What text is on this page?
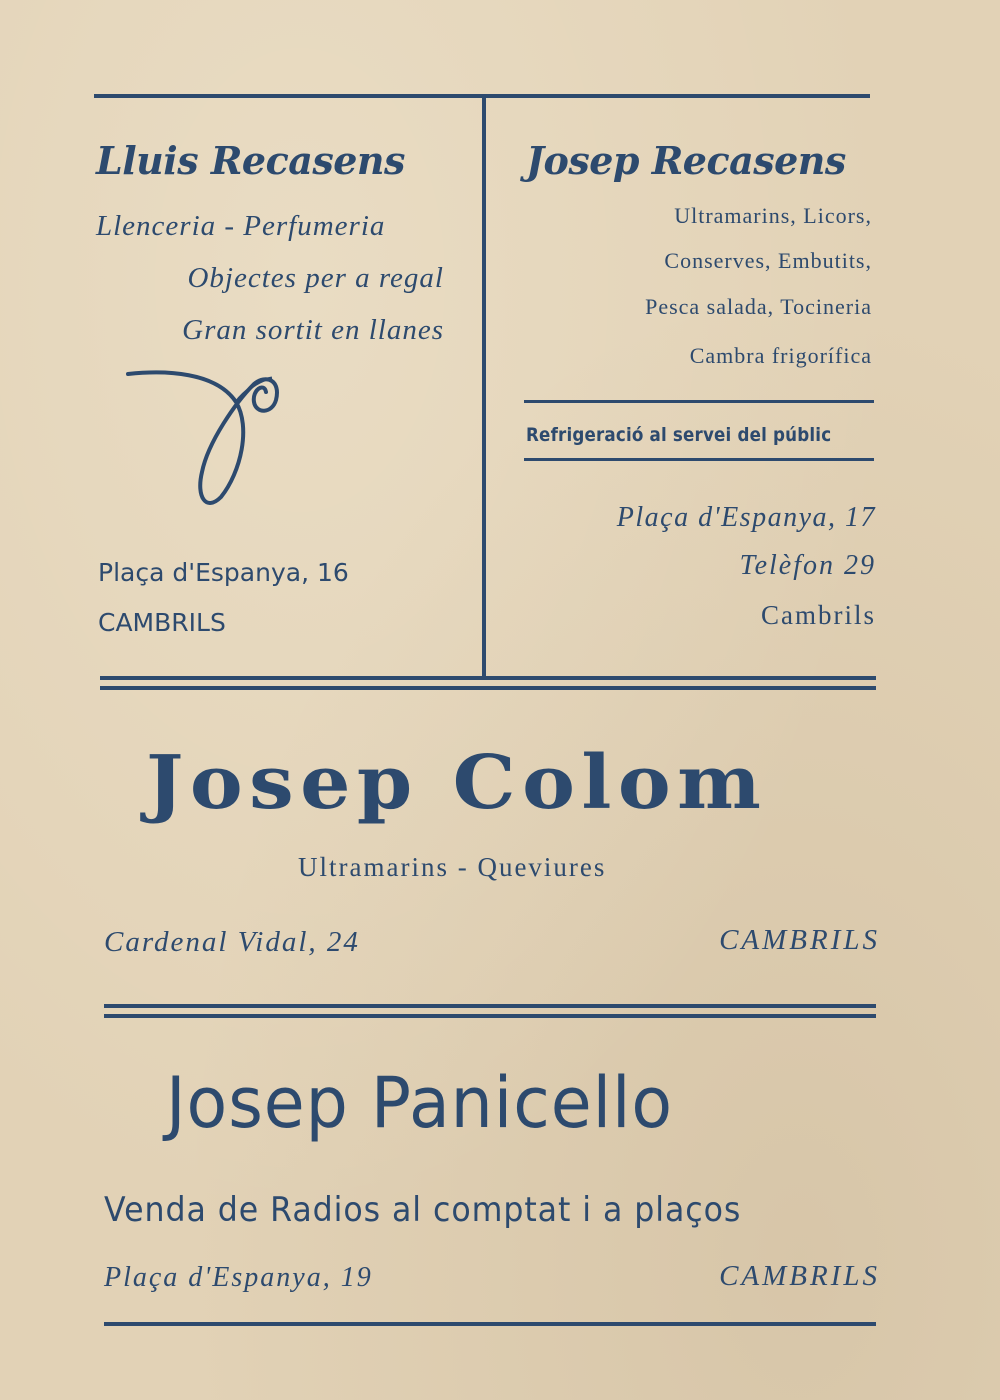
Lluis Recasens
Llenceria - Perfumeria
Objectes per a regal
Gran sortit en llanes
Plaça d'Espanya, 16
CAMBRILS
Josep Recasens
Ultramarins, Licors,
Conserves, Embutits,
Pesca salada, Tocineria
Cambra frigorífica
Refrigeració al servei del públic
Plaça d'Espanya, 17
Telèfon 29
Cambrils
Josep Colom
Ultramarins - Queviures
Cardenal Vidal, 24	CAMBRILS
Josep Panicello
Venda de Radios al comptat i a plaços
Plaça d'Espanya, 19	CAMBRILS
